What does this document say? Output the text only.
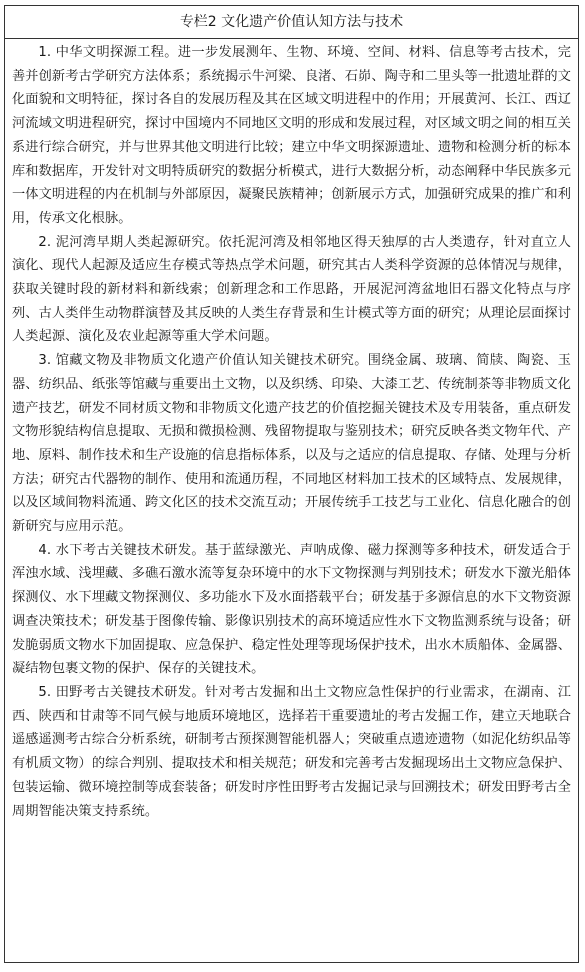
专栏2 文化遗产价值认知方法与技术

1. 中华文明探源工程。进一步发展测年、生物、环境、空间、材料、信息等考古技术，完善并创新考古学研究方法体系；系统揭示牛河梁、良渚、石峁、陶寺和二里头等一批遗址群的文化面貌和文明特征，探讨各自的发展历程及其在区域文明进程中的作用；开展黄河、长江、西辽河流域文明进程研究，探讨中国境内不同地区文明的形成和发展过程，对区域文明之间的相互关系进行综合研究，并与世界其他文明进行比较；建立中华文明探源遗址、遗物和检测分析的标本库和数据库，开发针对文明特质研究的数据分析模式，进行大数据分析，动态阐释中华民族多元一体文明进程的内在机制与外部原因，凝聚民族精神；创新展示方式，加强研究成果的推广和利用，传承文化根脉。

2. 泥河湾早期人类起源研究。依托泥河湾及相邻地区得天独厚的古人类遗存，针对直立人演化、现代人起源及适应生存模式等热点学术问题，研究其古人类科学资源的总体情况与规律，获取关键时段的新材料和新线索；创新理念和工作思路，开展泥河湾盆地旧石器文化特点与序列、古人类伴生动物群演替及其反映的人类生存背景和生计模式等方面的研究；从理论层面探讨人类起源、演化及农业起源等重大学术问题。

3. 馆藏文物及非物质文化遗产价值认知关键技术研究。围绕金属、玻璃、简牍、陶瓷、玉器、纺织品、纸张等馆藏与重要出土文物，以及织绣、印染、大漆工艺、传统制茶等非物质文化遗产技艺，研发不同材质文物和非物质文化遗产技艺的价值挖掘关键技术及专用装备，重点研发文物形貌结构信息提取、无损和微损检测、残留物提取与鉴别技术；研究反映各类文物年代、产地、原料、制作技术和生产设施的信息指标体系，以及与之适应的信息提取、存储、处理与分析方法；研究古代器物的制作、使用和流通历程，不同地区材料加工技术的区域特点、发展规律，以及区域间物料流通、跨文化区的技术交流互动；开展传统手工技艺与工业化、信息化融合的创新研究与应用示范。

4. 水下考古关键技术研发。基于蓝绿激光、声呐成像、磁力探测等多种技术，研发适合于浑浊水域、浅埋藏、多礁石激水流等复杂环境中的水下文物探测与判别技术；研发水下激光船体探测仪、水下埋藏文物探测仪、多功能水下及水面搭载平台；研发基于多源信息的水下文物资源调查决策技术；研发基于图像传输、影像识别技术的高环境适应性水下文物监测系统与设备；研发脆弱质文物水下加固提取、应急保护、稳定性处理等现场保护技术，出水木质船体、金属器、凝结物包裹文物的保护、保存的关键技术。

5. 田野考古关键技术研发。针对考古发掘和出土文物应急性保护的行业需求，在湖南、江西、陕西和甘肃等不同气候与地质环境地区，选择若干重要遗址的考古发掘工作，建立天地联合遥感遥测考古综合分析系统，研制考古预探测智能机器人；突破重点遗迹遗物（如泥化纺织品等有机质文物）的综合判别、提取技术和相关规范；研发和完善考古发掘现场出土文物应急保护、包装运输、微环境控制等成套装备；研发时序性田野考古发掘记录与回溯技术；研发田野考古全周期智能决策支持系统。
